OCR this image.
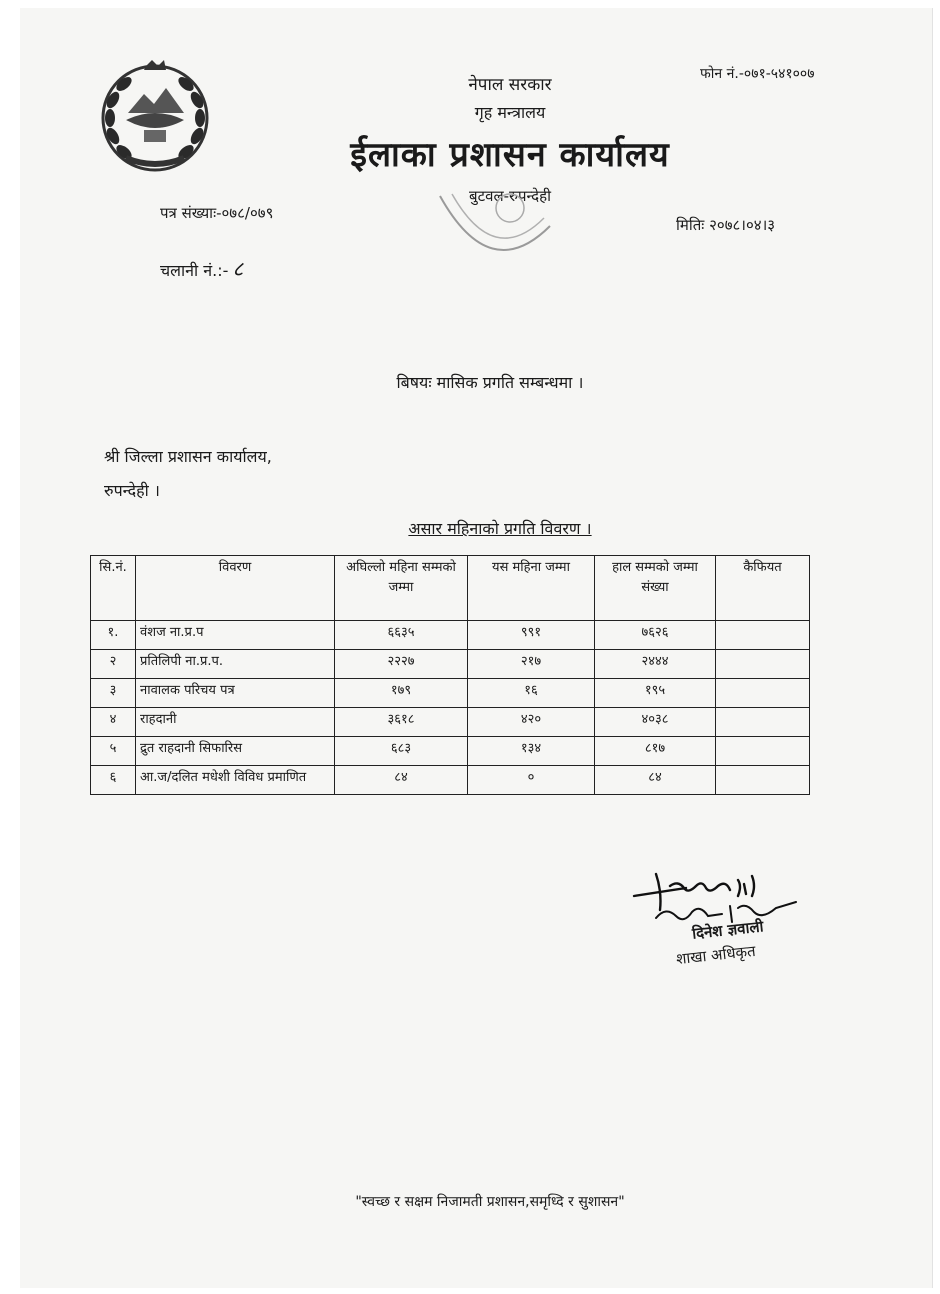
नेपाल सरकार
गृह मन्त्रालय
ईलाका प्रशासन कार्यालय
बुटवल-रुपन्देही
फोन नं.-०७१-५४१००७
पत्र संख्याः-०७८/०७९
मितिः २०७८।०४।३
चलानी नं.:- ८
बिषयः मासिक प्रगति सम्बन्धमा ।
श्री जिल्ला प्रशासन कार्यालय,
रुपन्देही ।
असार महिनाको प्रगति विवरण ।
सि.नं.	विवरण	अघिल्लो महिना सम्मको जम्मा	यस महिना जम्मा	हाल सम्मको जम्मा संख्या	कैफियत
१.	वंशज ना.प्र.प	६६३५	९९१	७६२६	
२	प्रतिलिपी ना.प्र.प.	२२२७	२१७	२४४४	
३	नावालक परिचय पत्र	१७९	१६	१९५	
४	राहदानी	३६१८	४२०	४०३८	
५	द्रुत राहदानी सिफारिस	६८३	१३४	८१७	
६	आ.ज/दलित मधेशी विविध प्रमाणित	८४	०	८४	
दिनेश ज्ञवाली
शाखा अधिकृत
"स्वच्छ र सक्षम निजामती प्रशासन,समृध्दि र सुशासन"
